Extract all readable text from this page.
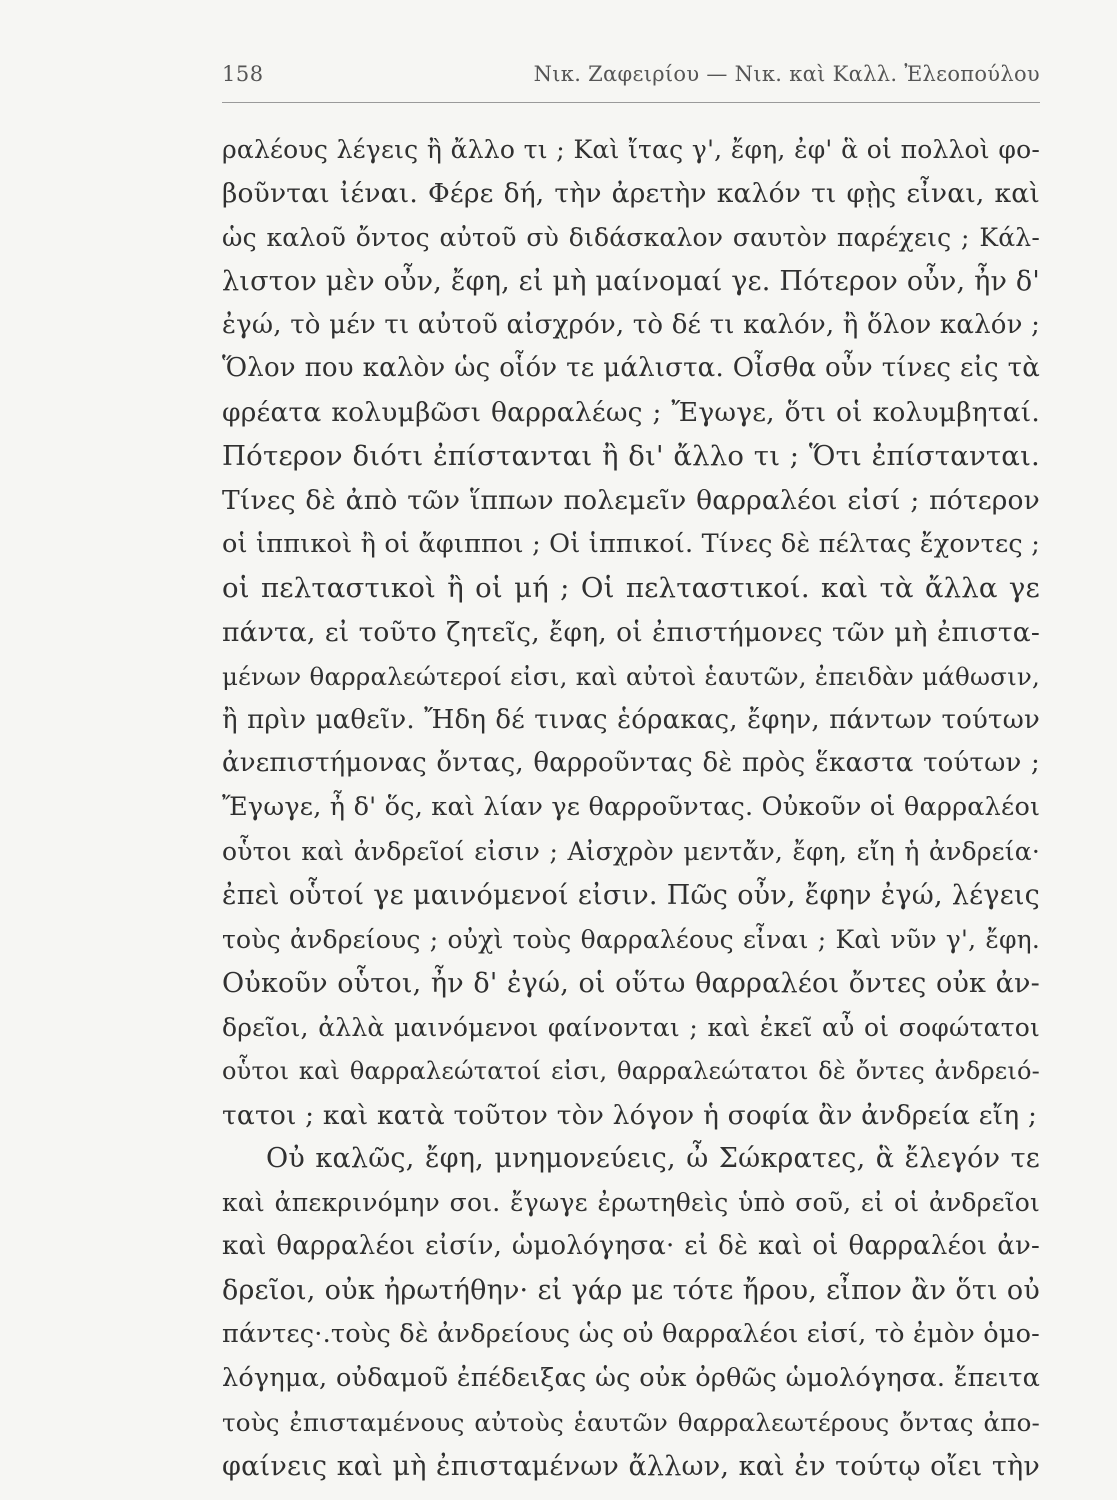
158	Νικ. Ζαφειρίου — Νικ. καὶ Καλλ. Ἐλεοπούλου
ραλέους λέγεις ἢ ἄλλο τι ; Καὶ ἴτας γ', ἔφη, ἐφ' ἃ οἱ πολλοὶ φο-
βοῦνται ἰέναι. Φέρε δή, τὴν ἀρετὴν καλόν τι φῂς εἶναι, καὶ
ὡς καλοῦ ὄντος αὐτοῦ σὺ διδάσκαλον σαυτὸν παρέχεις ; Κάλ-
λιστον μὲν οὖν, ἔφη, εἰ μὴ μαίνομαί γε. Πότερον οὖν, ἦν δ'
ἐγώ, τὸ μέν τι αὐτοῦ αἰσχρόν, τὸ δέ τι καλόν, ἢ ὅλον καλόν ;
Ὅλον που καλὸν ὡς οἷόν τε μάλιστα. Οἶσθα οὖν τίνες εἰς τὰ
φρέατα κολυμβῶσι θαρραλέως ; Ἔγωγε, ὅτι οἱ κολυμβηταί.
Πότερον διότι ἐπίστανται ἢ δι' ἄλλο τι ; Ὅτι ἐπίστανται.
Τίνες δὲ ἀπὸ τῶν ἵππων πολεμεῖν θαρραλέοι εἰσί ; πότερον
οἱ ἱππικοὶ ἢ οἱ ἄφιπποι ; Οἱ ἱππικοί. Τίνες δὲ πέλτας ἔχοντες ;
οἱ πελταστικοὶ ἢ οἱ μή ; Οἱ πελταστικοί. καὶ τὰ ἄλλα γε
πάντα, εἰ τοῦτο ζητεῖς, ἔφη, οἱ ἐπιστήμονες τῶν μὴ ἐπιστα-
μένων θαρραλεώτεροί εἰσι, καὶ αὐτοὶ ἑαυτῶν, ἐπειδὰν μάθωσιν,
ἢ πρὶν μαθεῖν. Ἤδη δέ τινας ἑόρακας, ἔφην, πάντων τούτων
ἀνεπιστήμονας ὄντας, θαρροῦντας δὲ πρὸς ἕκαστα τούτων ;
Ἔγωγε, ἦ δ' ὅς, καὶ λίαν γε θαρροῦντας. Οὐκοῦν οἱ θαρραλέοι
οὗτοι καὶ ἀνδρεῖοί εἰσιν ; Αἰσχρὸν μεντἄν, ἔφη, εἴη ἡ ἀνδρεία·
ἐπεὶ οὗτοί γε μαινόμενοί εἰσιν. Πῶς οὖν, ἔφην ἐγώ, λέγεις
τοὺς ἀνδρείους ; οὐχὶ τοὺς θαρραλέους εἶναι ; Καὶ νῦν γ', ἔφη.
Οὐκοῦν οὗτοι, ἦν δ' ἐγώ, οἱ οὕτω θαρραλέοι ὄντες οὐκ ἀν-
δρεῖοι, ἀλλὰ μαινόμενοι φαίνονται ; καὶ ἐκεῖ αὖ οἱ σοφώτατοι
οὗτοι καὶ θαρραλεώτατοί εἰσι, θαρραλεώτατοι δὲ ὄντες ἀνδρειό-
τατοι ; καὶ κατὰ τοῦτον τὸν λόγον ἡ σοφία ἂν ἀνδρεία εἴη ;
Οὐ καλῶς, ἔφη, μνημονεύεις, ὦ Σώκρατες, ἃ ἔλεγόν τε
καὶ ἀπεκρινόμην σοι. ἔγωγε ἐρωτηθεὶς ὑπὸ σοῦ, εἰ οἱ ἀνδρεῖοι
καὶ θαρραλέοι εἰσίν, ὡμολόγησα· εἰ δὲ καὶ οἱ θαρραλέοι ἀν-
δρεῖοι, οὐκ ἠρωτήθην· εἰ γάρ με τότε ἤρου, εἶπον ἂν ὅτι οὐ
πάντες·.τοὺς δὲ ἀνδρείους ὡς οὐ θαρραλέοι εἰσί, τὸ ἐμὸν ὁμο-
λόγημα, οὐδαμοῦ ἐπέδειξας ὡς οὐκ ὀρθῶς ὡμολόγησα. ἔπειτα
τοὺς ἐπισταμένους αὐτοὺς ἑαυτῶν θαρραλεωτέρους ὄντας ἀπο-
φαίνεις καὶ μὴ ἐπισταμένων ἄλλων, καὶ ἐν τούτῳ οἴει τὴν
